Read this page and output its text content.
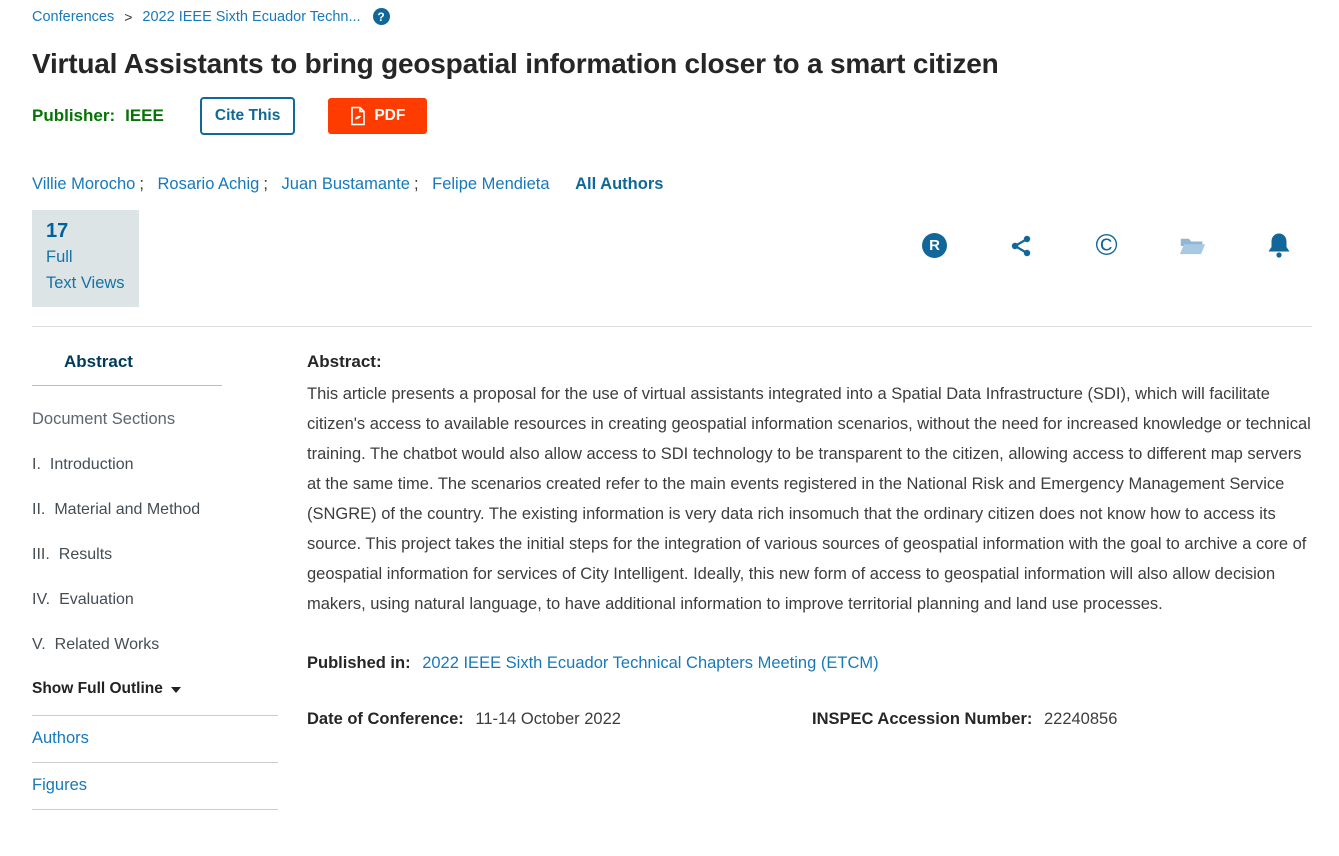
Conferences > 2022 IEEE Sixth Ecuador Techn...	?
Virtual Assistants to bring geospatial information closer to a smart citizen
Publisher: IEEE	Cite This	PDF
Villie Morocho ; Rosario Achig ; Juan Bustamante ; Felipe Mendieta All Authors
17
Full
Text Views
R	©
Abstract
Document Sections
I. Introduction
II. Material and Method
III. Results
IV. Evaluation
V. Related Works
Show Full Outline
Authors
Figures
Abstract:

This article presents a proposal for the use of virtual assistants integrated into a Spatial Data Infrastructure (SDI), which will facilitate citizen's access to available resources in creating geospatial information scenarios, without the need for increased knowledge or technical training. The chatbot would also allow access to SDI technology to be transparent to the citizen, allowing access to different map servers at the same time. The scenarios created refer to the main events registered in the National Risk and Emergency Management Service (SNGRE) of the country. The existing information is very data rich insomuch that the ordinary citizen does not know how to access its source. This project takes the initial steps for the integration of various sources of geospatial information with the goal to archive a core of geospatial information for services of City Intelligent. Ideally, this new form of access to geospatial information will also allow decision makers, using natural language, to have additional information to improve territorial planning and land use processes.

Published in: 2022 IEEE Sixth Ecuador Technical Chapters Meeting (ETCM)
Date of Conference: 11-14 October 2022	INSPEC Accession Number: 22240856
